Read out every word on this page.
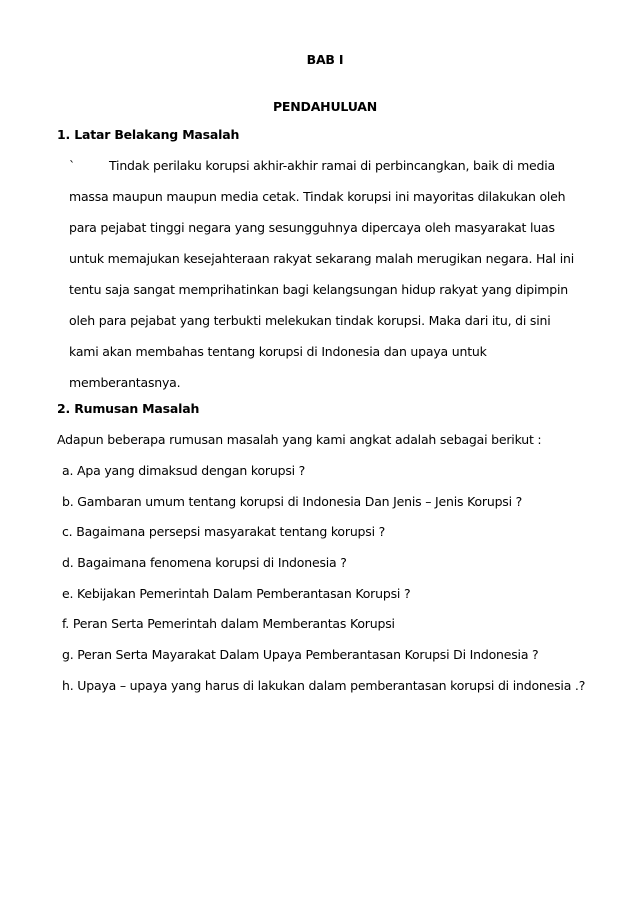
BAB I
PENDAHULUAN
1. Latar Belakang Masalah
`	Tindak perilaku korupsi akhir-akhir ramai di perbincangkan, baik di media
massa maupun maupun media cetak. Tindak korupsi ini mayoritas dilakukan oleh
para pejabat tinggi negara yang sesungguhnya dipercaya oleh masyarakat luas
untuk memajukan kesejahteraan rakyat sekarang malah merugikan negara. Hal ini
tentu saja sangat memprihatinkan bagi kelangsungan hidup rakyat yang dipimpin
oleh para pejabat yang terbukti melekukan tindak korupsi. Maka dari itu, di sini
kami akan membahas tentang korupsi di Indonesia dan upaya untuk
memberantasnya.
2. Rumusan Masalah
Adapun beberapa rumusan masalah yang kami angkat adalah sebagai berikut :
a. Apa yang dimaksud dengan korupsi ?
b. Gambaran umum tentang korupsi di Indonesia Dan Jenis – Jenis Korupsi ?
c. Bagaimana persepsi masyarakat tentang korupsi ?
d. Bagaimana fenomena korupsi di Indonesia ?
e. Kebijakan Pemerintah Dalam Pemberantasan Korupsi ?
f. Peran Serta Pemerintah dalam Memberantas Korupsi
g. Peran Serta Mayarakat Dalam Upaya Pemberantasan Korupsi Di Indonesia ?
h. Upaya – upaya yang harus di lakukan dalam pemberantasan korupsi di indonesia .?
